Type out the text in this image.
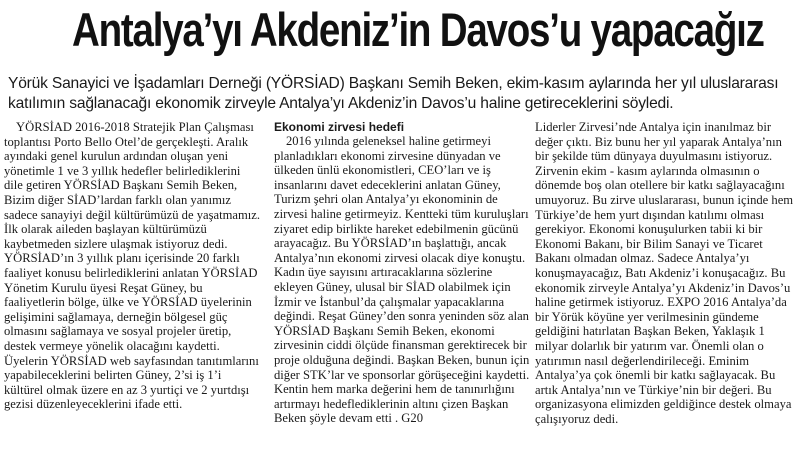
Antalya’yı Akdeniz’in Davos’u yapacağız
Yörük Sanayici ve İşadamları Derneği (YÖRSİAD) Başkanı Semih Beken, ekim-kasım aylarında her yıl uluslararası katılımın sağlanacağı ekonomik zirveyle Antalya’yı Akdeniz’in Davos’u haline getireceklerini söyledi.

YÖRSİAD 2016-2018 Stratejik Plan Çalışması toplantısı Porto Bello Otel’de gerçekleşti. Aralık ayındaki genel kurulun ardından oluşan yeni yönetimle 1 ve 3 yıllık hedefler belirlediklerini dile getiren YÖRSİAD Başkanı Semih Beken, Bizim diğer SİAD’lardan farklı olan yanımız sadece sanayiyi değil kültürümüzü de yaşatmamız. İlk olarak aileden başlayan kültürümüzü kaybetmeden sizlere ulaşmak istiyoruz dedi. YÖRSİAD’ın 3 yıllık planı içerisinde 20 farklı faaliyet konusu belirlediklerini anlatan YÖRSİAD Yönetim Kurulu üyesi Reşat Güney, bu faaliyetlerin bölge, ülke ve YÖRSİAD üyelerinin gelişimini sağlamaya, derneğin bölgesel güç olmasını sağlamaya ve sosyal projeler üretip, destek vermeye yönelik olacağını kaydetti. Üyelerin YÖRSİAD web sayfasından tanıtımlarını yapabileceklerini belirten Güney, 2’si iş 1’i kültürel olmak üzere en az 3 yurtiçi ve 2 yurtdışı gezisi düzenleyeceklerini ifade etti.

Ekonomi zirvesi hedefi

2016 yılında geleneksel haline getirmeyi planladıkları ekonomi zirvesine dünyadan ve ülkeden ünlü ekonomistleri, CEO’ları ve iş insanlarını davet edeceklerini anlatan Güney, Turizm şehri olan Antalya’yı ekonominin de zirvesi haline getirmeyiz. Kentteki tüm kuruluşları ziyaret edip birlikte hareket edebilmenin gücünü arayacağız. Bu YÖRSİAD’ın başlattığı, ancak Antalya’nın ekonomi zirvesi olacak diye konuştu. Kadın üye sayısını artıracaklarına sözlerine ekleyen Güney, ulusal bir SİAD olabilmek için İzmir ve İstanbul’da çalışmalar yapacaklarına değindi. Reşat Güney’den sonra yeninden söz alan YÖRSİAD Başkanı Semih Beken, ekonomi zirvesinin ciddi ölçüde finansman gerektirecek bir proje olduğuna değindi. Başkan Beken, bunun için diğer STK’lar ve sponsorlar görüşeceğini kaydetti. Kentin hem marka değerini hem de tanınırlığını artırmayı hedeflediklerinin altını çizen Başkan Beken şöyle devam etti . G20

Liderler Zirvesi’nde Antalya için inanılmaz bir değer çıktı. Biz bunu her yıl yaparak Antalya’nın bir şekilde tüm dünyaya duyulmasını istiyoruz. Zirvenin ekim - kasım aylarında olmasının o dönemde boş olan otellere bir katkı sağlayacağını umuyoruz. Bu zirve uluslararası, bunun içinde hem Türkiye’de hem yurt dışından katılımı olması gerekiyor. Ekonomi konuşulurken tabii ki bir Ekonomi Bakanı, bir Bilim Sanayi ve Ticaret Bakanı olmadan olmaz. Sadece Antalya’yı konuşmayacağız, Batı Akdeniz’i konuşacağız. Bu ekonomik zirveyle Antalya’yı Akdeniz’in Davos’u haline getirmek istiyoruz. EXPO 2016 Antalya’da bir Yörük köyüne yer verilmesinin gündeme geldiğini hatırlatan Başkan Beken, Yaklaşık 1 milyar dolarlık bir yatırım var. Önemli olan o yatırımın nasıl değerlendirileceği. Eminim Antalya’ya çok önemli bir katkı sağlayacak. Bu artık Antalya’nın ve Türkiye’nin bir değeri. Bu organizasyona elimizden geldiğince destek olmaya çalışıyoruz dedi.
